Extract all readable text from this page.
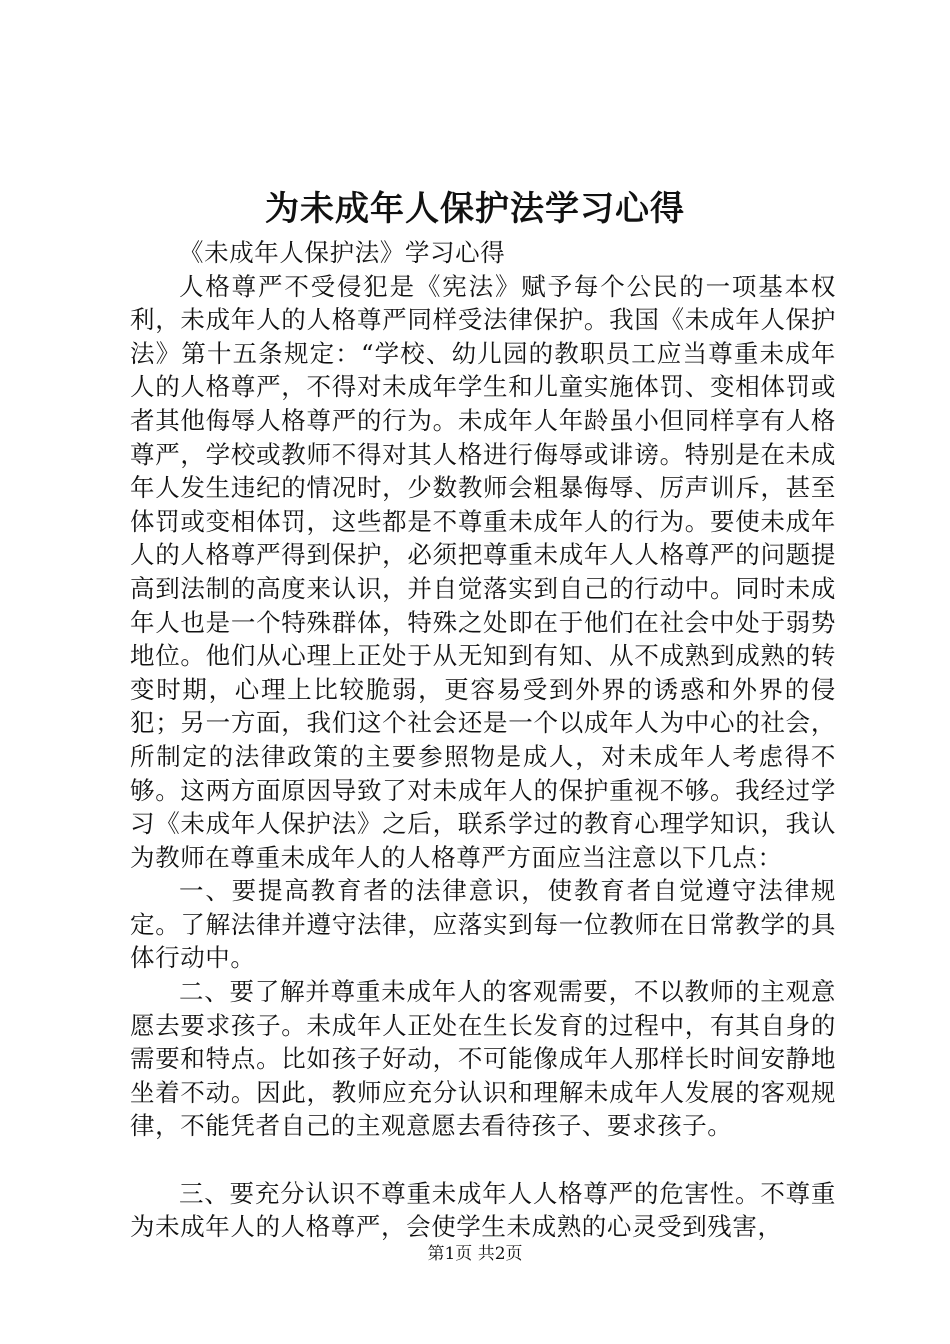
为未成年人保护法学习心得

《未成年人保护法》学习心得

人格尊严不受侵犯是《宪法》赋予每个公民的一项基本权利，未成年人的人格尊严同样受法律保护。我国《未成年人保护法》第十五条规定：“学校、幼儿园的教职员工应当尊重未成年人的人格尊严，不得对未成年学生和儿童实施体罚、变相体罚或者其他侮辱人格尊严的行为。未成年人年龄虽小但同样享有人格尊严，学校或教师不得对其人格进行侮辱或诽谤。特别是在未成年人发生违纪的情况时，少数教师会粗暴侮辱、厉声训斥，甚至体罚或变相体罚，这些都是不尊重未成年人的行为。要使未成年人的人格尊严得到保护，必须把尊重未成年人人格尊严的问题提高到法制的高度来认识，并自觉落实到自己的行动中。同时未成年人也是一个特殊群体，特殊之处即在于他们在社会中处于弱势地位。他们从心理上正处于从无知到有知、从不成熟到成熟的转变时期，心理上比较脆弱，更容易受到外界的诱惑和外界的侵犯；另一方面，我们这个社会还是一个以成年人为中心的社会，所制定的法律政策的主要参照物是成人，对未成年人考虑得不够。这两方面原因导致了对未成年人的保护重视不够。我经过学习《未成年人保护法》之后，联系学过的教育心理学知识，我认为教师在尊重未成年人的人格尊严方面应当注意以下几点：

一、要提高教育者的法律意识，使教育者自觉遵守法律规定。了解法律并遵守法律，应落实到每一位教师在日常教学的具体行动中。

二、要了解并尊重未成年人的客观需要，不以教师的主观意愿去要求孩子。未成年人正处在生长发育的过程中，有其自身的需要和特点。比如孩子好动，不可能像成年人那样长时间安静地坐着不动。因此，教师应充分认识和理解未成年人发展的客观规律，不能凭者自己的主观意愿去看待孩子、要求孩子。

三、要充分认识不尊重未成年人人格尊严的危害性。不尊重为未成年人的人格尊严，会使学生未成熟的心灵受到残害，

第1页 共2页
